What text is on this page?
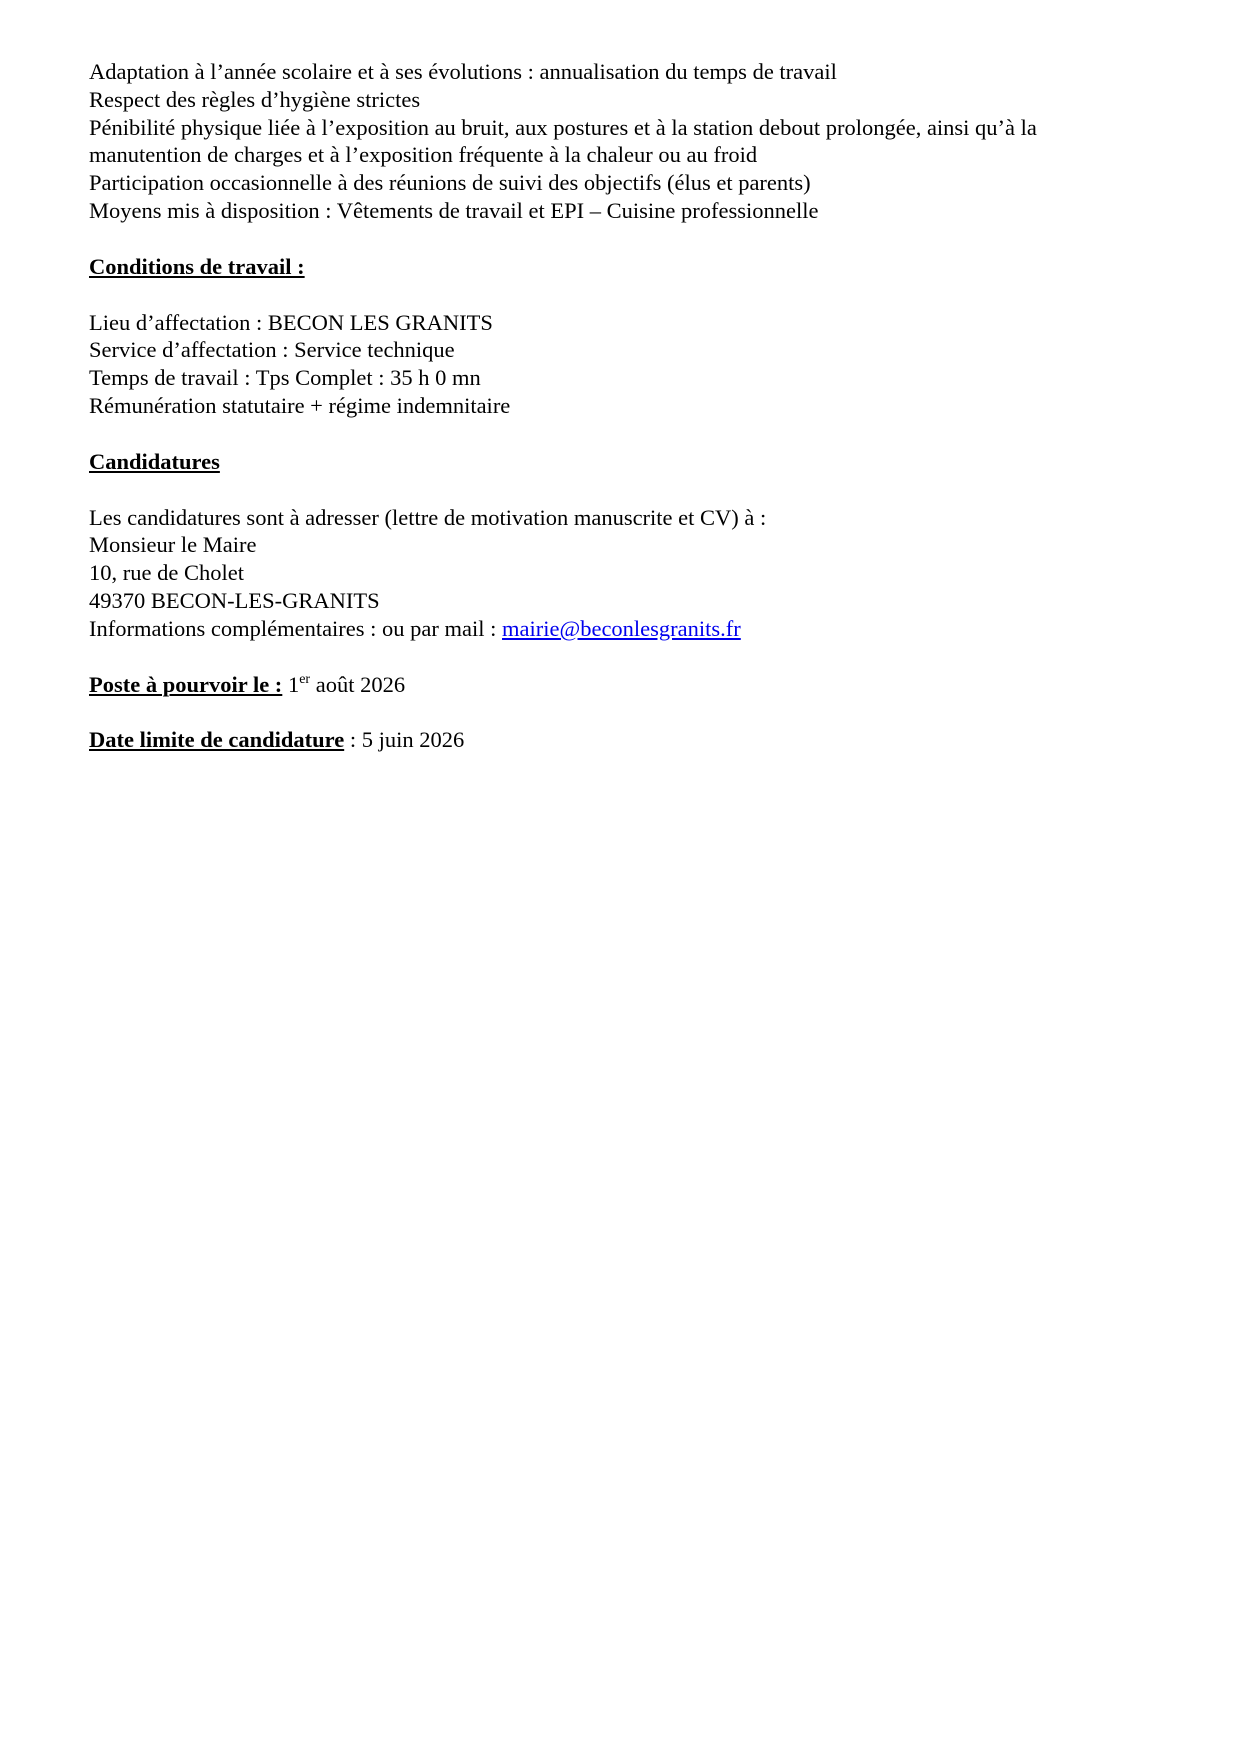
Adaptation à l’année scolaire et à ses évolutions : annualisation du temps de travail
Respect des règles d’hygiène strictes
Pénibilité physique liée à l’exposition au bruit, aux postures et à la station debout prolongée, ainsi qu’à la
manutention de charges et à l’exposition fréquente à la chaleur ou au froid
Participation occasionnelle à des réunions de suivi des objectifs (élus et parents)
Moyens mis à disposition : Vêtements de travail et EPI – Cuisine professionnelle
Conditions de travail :
Lieu d’affectation : BECON LES GRANITS
Service d’affectation : Service technique
Temps de travail : Tps Complet : 35 h 0 mn
Rémunération statutaire + régime indemnitaire
Candidatures
Les candidatures sont à adresser (lettre de motivation manuscrite et CV) à :
Monsieur le Maire
10, rue de Cholet
49370 BECON-LES-GRANITS
Informations complémentaires : ou par mail : mairie@beconlesgranits.fr
Poste à pourvoir le : 1er août 2026
Date limite de candidature : 5 juin 2026
